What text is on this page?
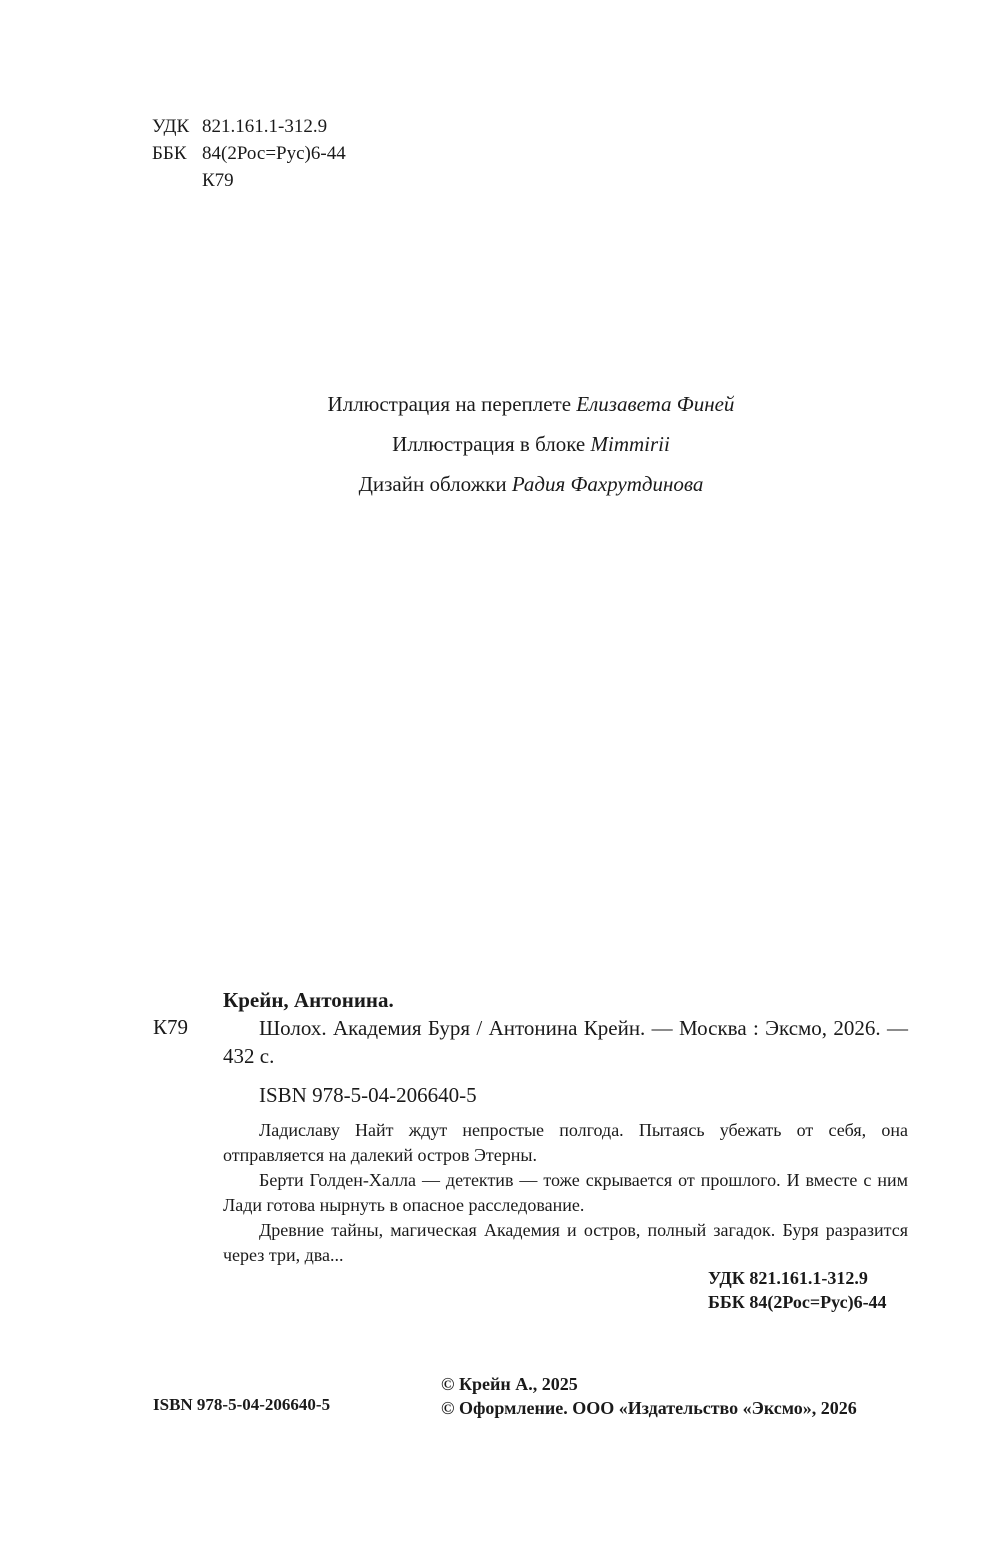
УДК 821.161.1-312.9
ББК 84(2Рос=Рус)6-44
К79
Иллюстрация на переплете Елизавета Финей
Иллюстрация в блоке Mimmirii
Дизайн обложки Радия Фахрутдинова
К79
Крейн, Антонина.
Шолох. Академия Буря / Антонина Крейн. — Москва : Эксмо, 2026. — 432 с.
ISBN 978-5-04-206640-5

Ладиславу Найт ждут непростые полгода. Пытаясь убежать от себя, она отправляется на далекий остров Этерны.

Берти Голден-Халла — детектив — тоже скрывается от прошлого. И вместе с ним Лади готова нырнуть в опасное расследование.

Древние тайны, магическая Академия и остров, полный загадок. Буря разразится через три, два...

УДК 821.161.1-312.9
ББК 84(2Рос=Рус)6-44
ISBN 978-5-04-206640-5
© Крейн А., 2025
© Оформление. ООО «Издательство «Эксмо», 2026
